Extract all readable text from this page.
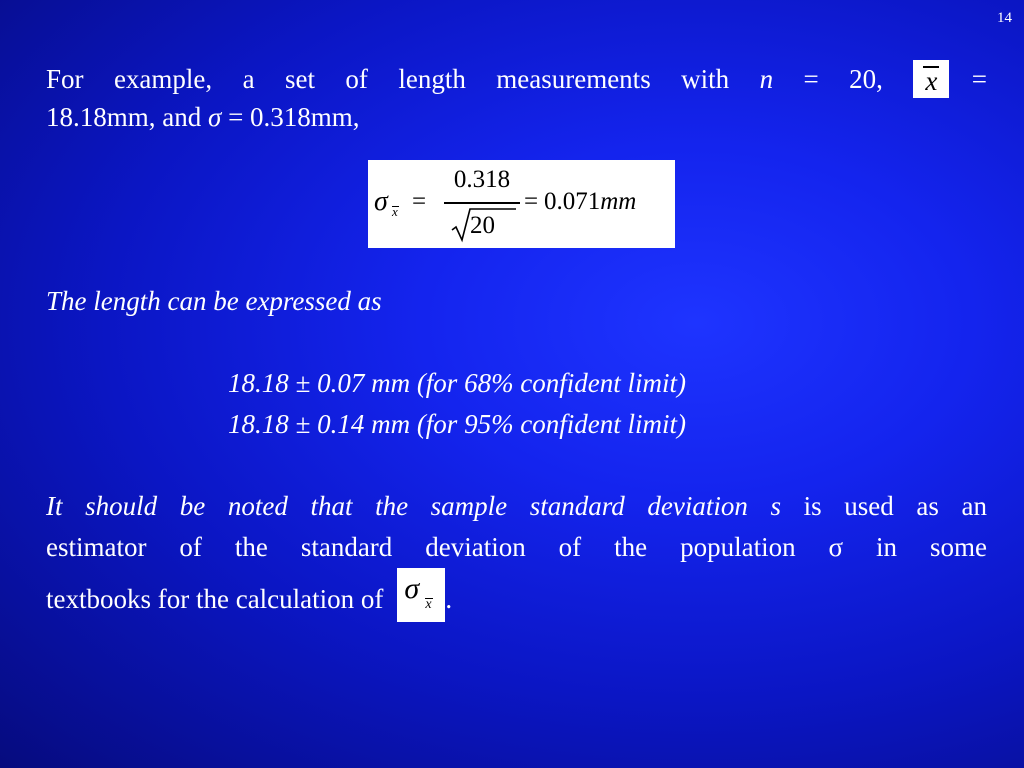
14
For example, a set of length measurements with n = 20, x =
18.18mm, and σ = 0.318mm,
σ x =
0.318
20
= 0.071mm
The length can be expressed as
18.18 ± 0.07 mm (for 68% confident limit)
18.18 ± 0.14 mm (for 95% confident limit)
It should be noted that the sample standard deviation s is used as an
estimator of the standard deviation of the population σ in some
textbooks for the calculation of σ x .
